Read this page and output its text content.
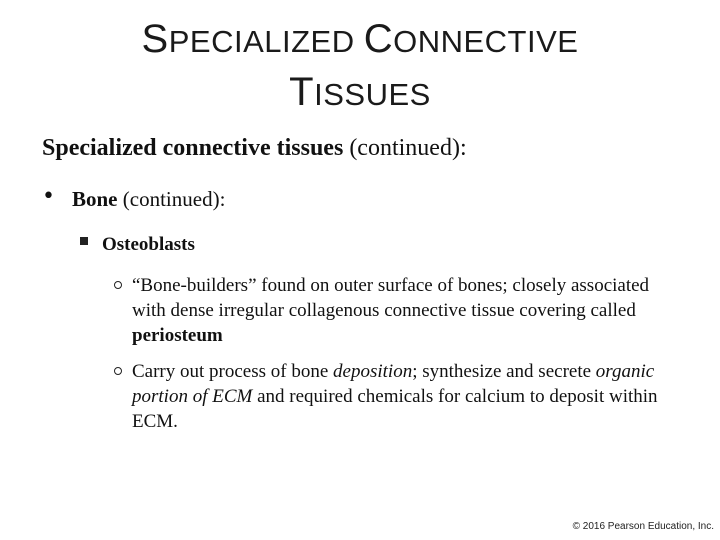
SPECIALIZED CONNECTIVE
TISSUES
Specialized connective tissues (continued):
• Bone (continued):
Osteoblasts
“Bone-builders” found on outer surface of bones; closely associated with dense irregular collagenous connective tissue covering called periosteum
Carry out process of bone deposition; synthesize and secrete organic portion of ECM and required chemicals for calcium to deposit within ECM.
© 2016 Pearson Education, Inc.
